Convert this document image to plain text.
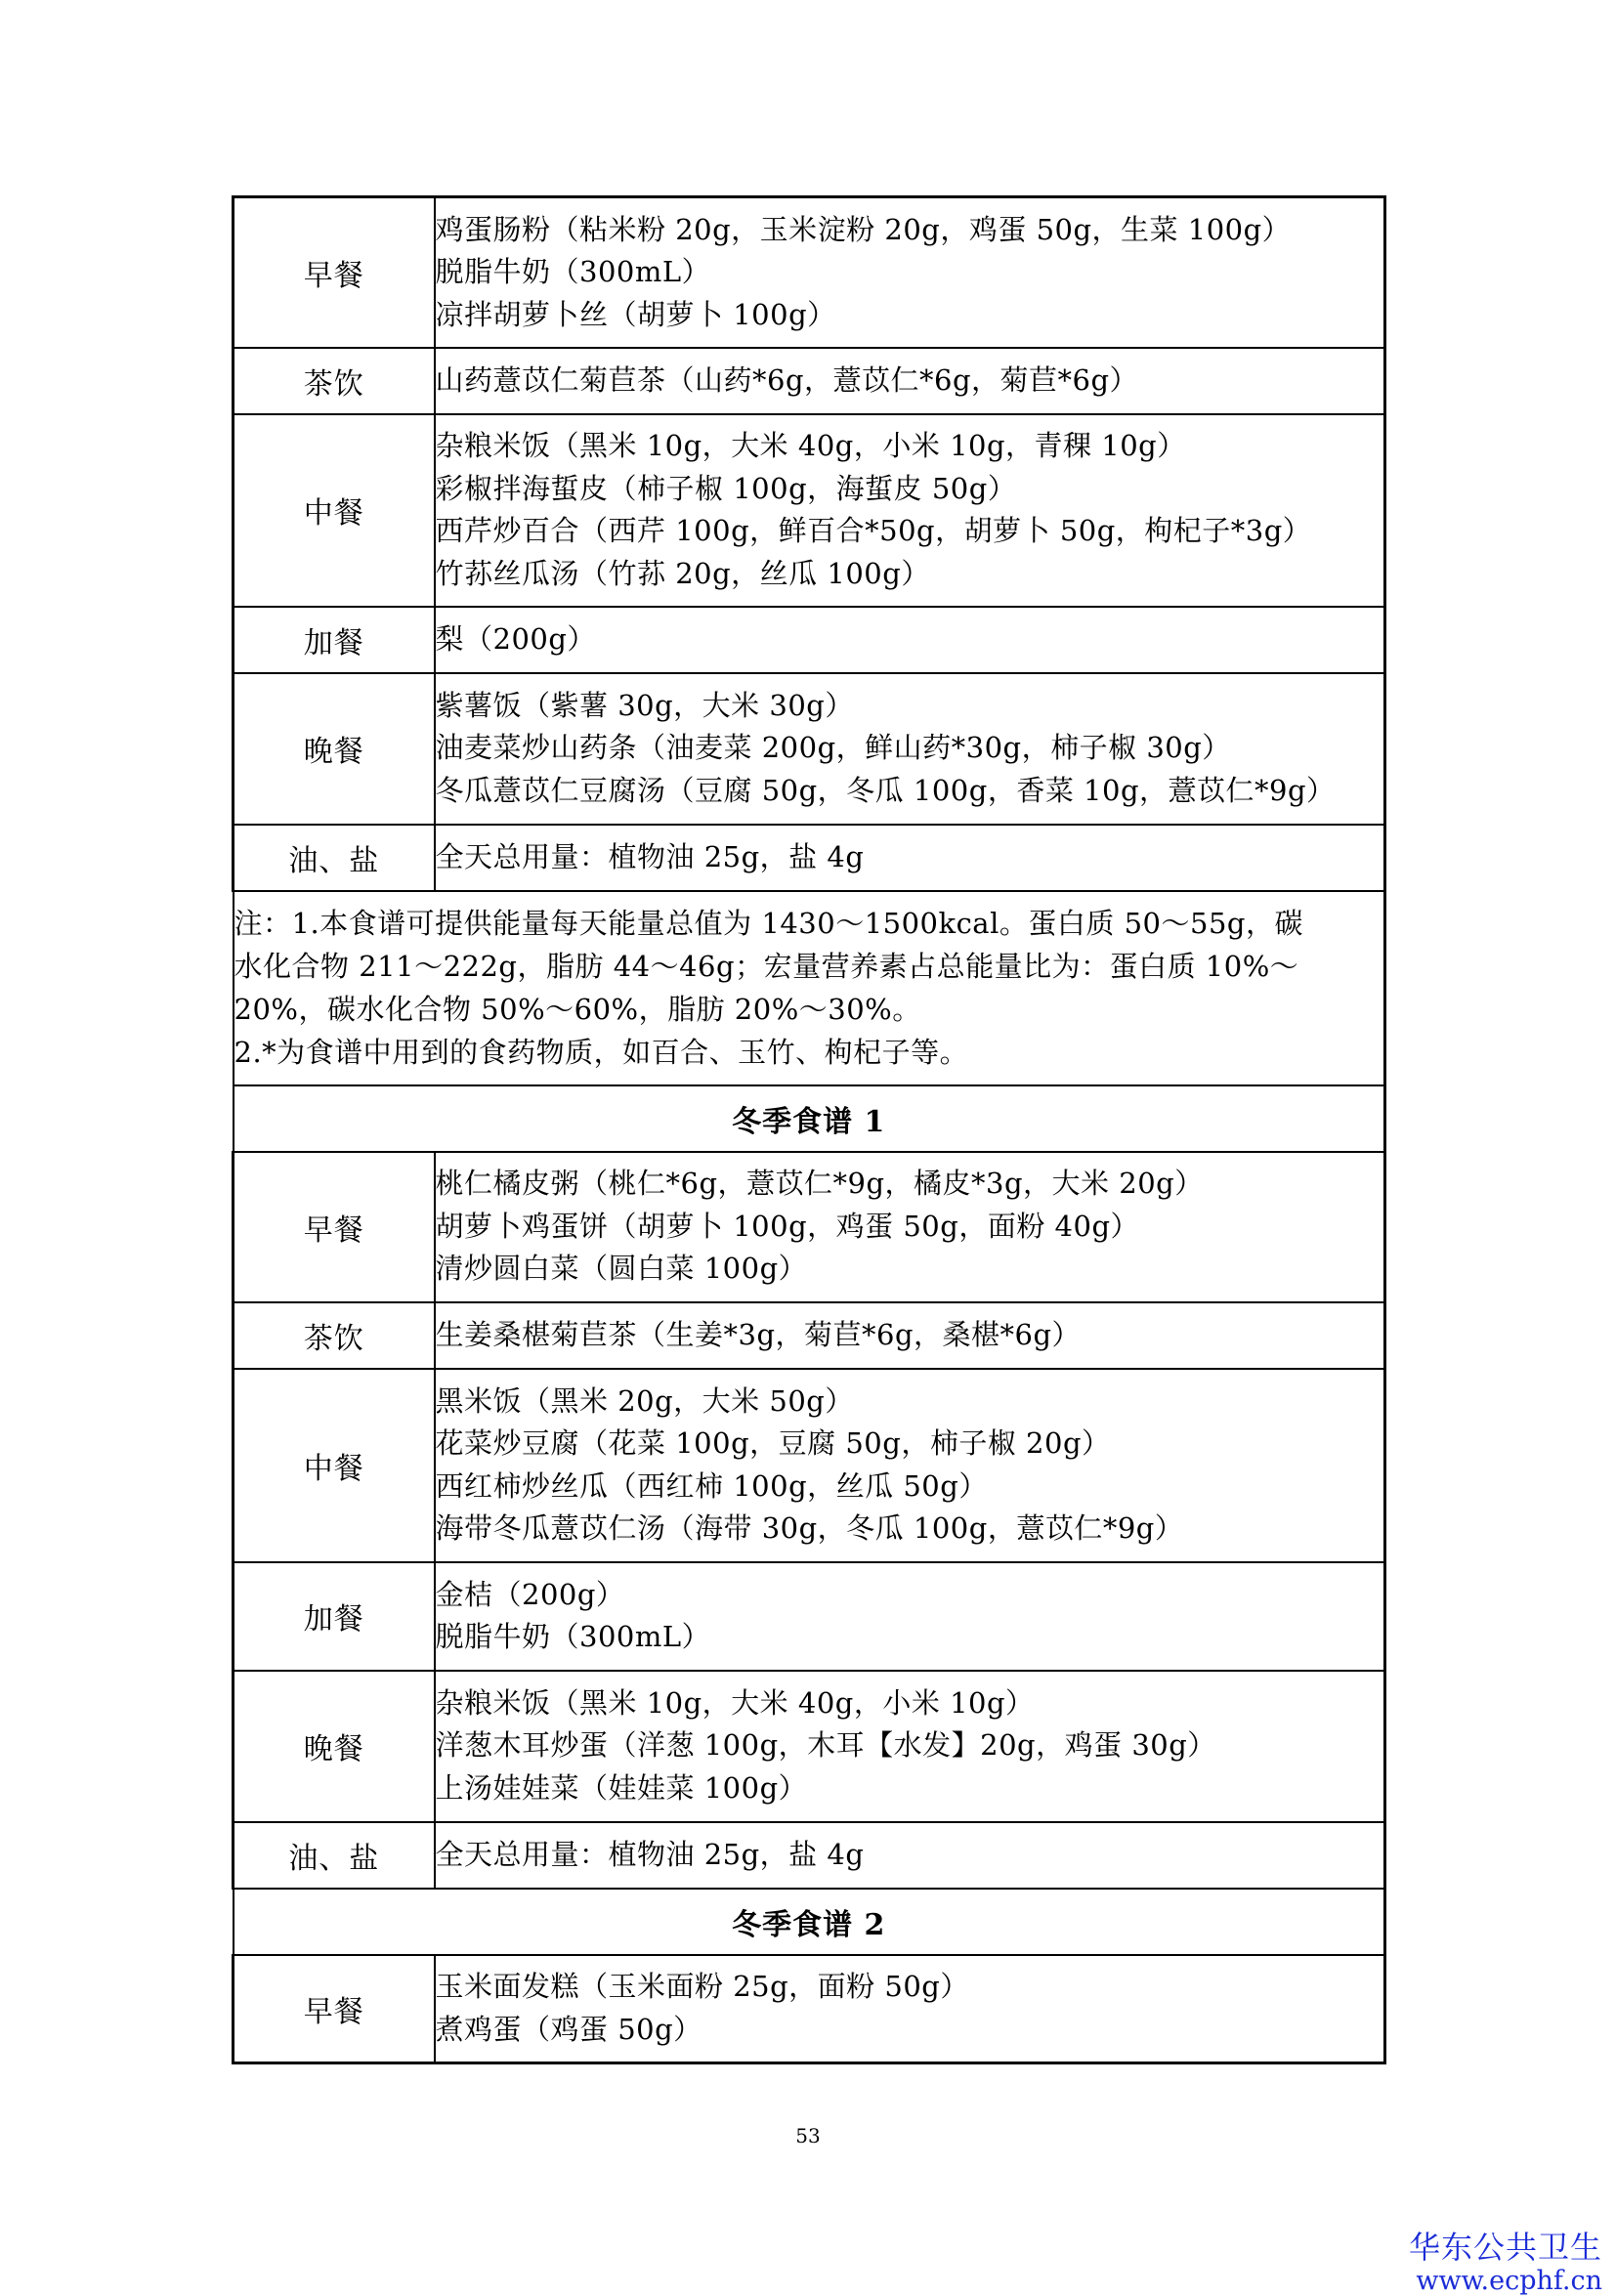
早餐	鸡蛋肠粉（粘米粉 20g，玉米淀粉 20g，鸡蛋 50g，生菜 100g）
脱脂牛奶（300mL）
凉拌胡萝卜丝（胡萝卜 100g）

茶饮	山药薏苡仁菊苣茶（山药*6g，薏苡仁*6g，菊苣*6g）

中餐	杂粮米饭（黑米 10g，大米 40g，小米 10g，青稞 10g）
彩椒拌海蜇皮（柿子椒 100g，海蜇皮 50g）
西芹炒百合（西芹 100g，鲜百合*50g，胡萝卜 50g，枸杞子*3g）
竹荪丝瓜汤（竹荪 20g，丝瓜 100g）

加餐	梨（200g）

晚餐	紫薯饭（紫薯 30g，大米 30g）
油麦菜炒山药条（油麦菜 200g，鲜山药*30g，柿子椒 30g）
冬瓜薏苡仁豆腐汤（豆腐 50g，冬瓜 100g，香菜 10g，薏苡仁*9g）

油、盐	全天总用量：植物油 25g，盐 4g

注：1.本食谱可提供能量每天能量总值为 1430～1500kcal。蛋白质 50～55g，碳
水化合物 211～222g，脂肪 44～46g；宏量营养素占总能量比为：蛋白质 10%～
20%，碳水化合物 50%～60%，脂肪 20%～30%。
2.*为食谱中用到的食药物质，如百合、玉竹、枸杞子等。	

冬季食谱 1	
早餐	桃仁橘皮粥（桃仁*6g，薏苡仁*9g，橘皮*3g，大米 20g）
胡萝卜鸡蛋饼（胡萝卜 100g，鸡蛋 50g，面粉 40g）
清炒圆白菜（圆白菜 100g）

茶饮	生姜桑椹菊苣茶（生姜*3g，菊苣*6g，桑椹*6g）

中餐	黑米饭（黑米 20g，大米 50g）
花菜炒豆腐（花菜 100g，豆腐 50g，柿子椒 20g）
西红柿炒丝瓜（西红柿 100g，丝瓜 50g）
海带冬瓜薏苡仁汤（海带 30g，冬瓜 100g，薏苡仁*9g）

加餐	金桔（200g）
脱脂牛奶（300mL）

晚餐	杂粮米饭（黑米 10g，大米 40g，小米 10g）
洋葱木耳炒蛋（洋葱 100g，木耳【水发】20g，鸡蛋 30g）
上汤娃娃菜（娃娃菜 100g）

油、盐	全天总用量：植物油 25g，盐 4g

冬季食谱 2	
早餐	玉米面发糕（玉米面粉 25g，面粉 50g）
煮鸡蛋（鸡蛋 50g）
53
华东公共卫生
www.ecphf.cn
